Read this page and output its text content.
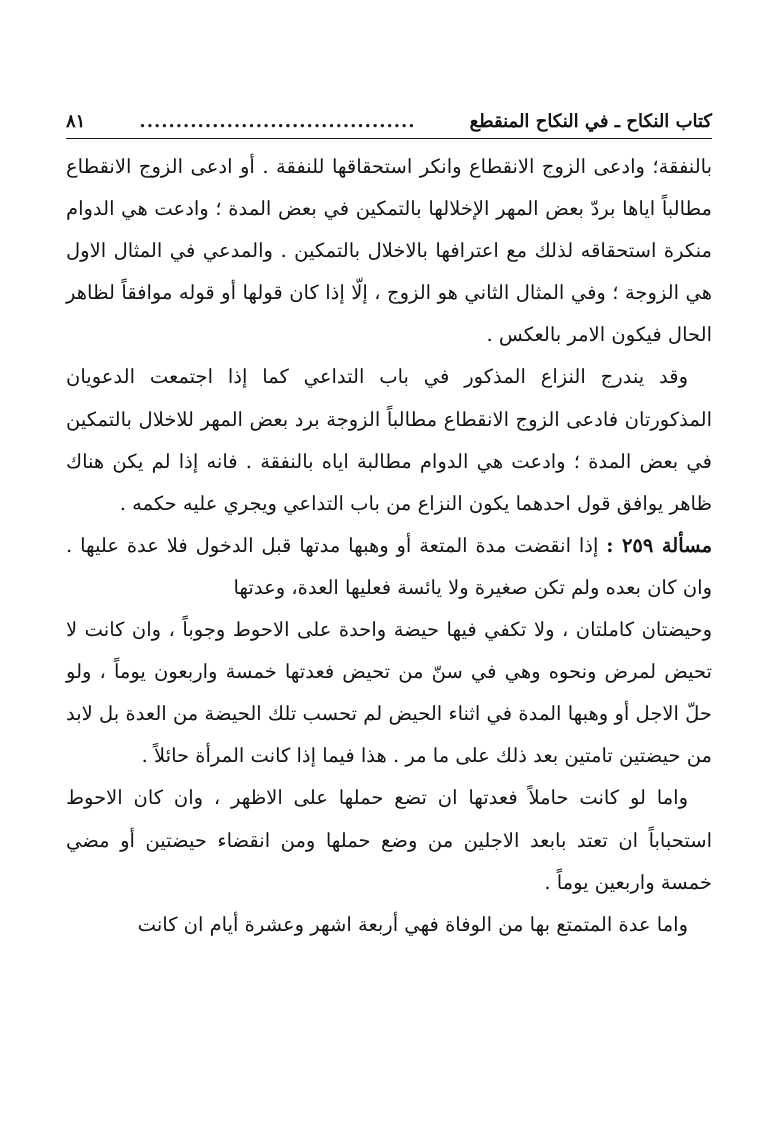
كتاب النكاح ـ في النكاح المنقطع
......................................
٨١

بالنفقة؛ وادعى الزوج الانقطاع وانكر استحقاقها للنفقة . أو ادعى الزوج الانقطاع مطالباً اياها بردّ بعض المهر الإخلالها بالتمكين في بعض المدة ؛ وادعت هي الدوام منكرة استحقاقه لذلك مع اعترافها بالاخلال بالتمكين . والمدعي في المثال الاول هي الزوجة ؛ وفي المثال الثاني هو الزوج ، إلّا إذا كان قولها أو قوله موافقاً لظاهر الحال فيكون الامر بالعكس .

وقد يندرج النزاع المذكور في باب التداعي كما إذا اجتمعت الدعويان المذكورتان فادعى الزوج الانقطاع مطالباً الزوجة برد بعض المهر للاخلال بالتمكين في بعض المدة ؛ وادعت هي الدوام مطالبة اياه بالنفقة . فانه إذا لم يكن هناك ظاهر يوافق قول احدهما يكون النزاع من باب التداعي ويجري عليه حكمه .

مسألة ٢٥٩ : إذا انقضت مدة المتعة أو وهبها مدتها قبل الدخول فلا عدة عليها . وان كان بعده ولم تكن صغيرة ولا يائسة فعليها العدة، وعدتها

وحيضتان كاملتان ، ولا تكفي فيها حيضة واحدة على الاحوط وجوباً ، وان كانت لا تحيض لمرض ونحوه وهي في سنّ من تحيض فعدتها خمسة واربعون يوماً ، ولو حلّ الاجل أو وهبها المدة في اثناء الحيض لم تحسب تلك الحيضة من العدة بل لابد من حيضتين تامتين بعد ذلك على ما مر . هذا فيما إذا كانت المرأة حائلاً .

واما لو كانت حاملاً فعدتها ان تضع حملها على الاظهر ، وان كان الاحوط استحباباً ان تعتد بابعد الاجلين من وضع حملها ومن انقضاء حيضتين أو مضي خمسة واربعين يوماً .

واما عدة المتمتع بها من الوفاة فهي أربعة اشهر وعشرة أيام ان كانت
